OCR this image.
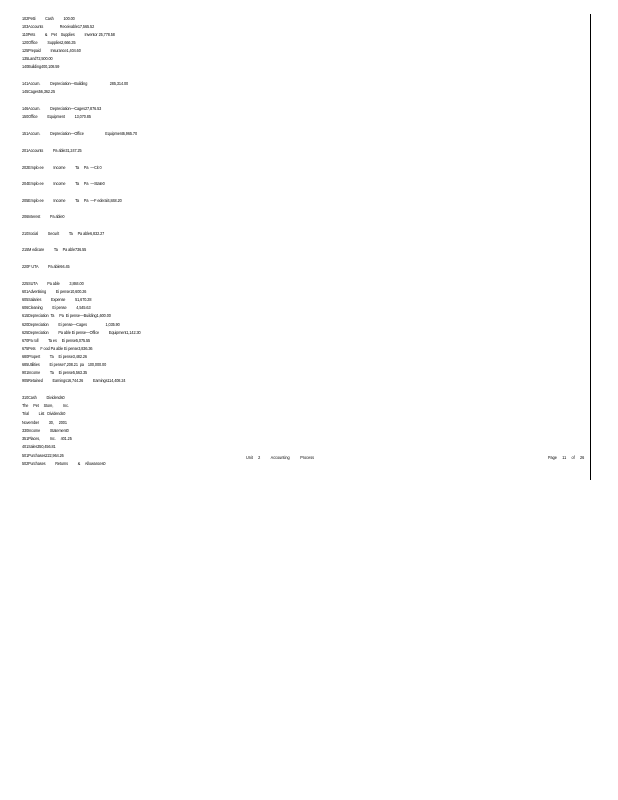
102Petti          Cash          100.00
103Accounts                 Receivable17,565.52
110Pets          &    Pet    Supplies          Inventor 25,778.58
120Office          Supplies2,666.35
125Prepaid          Insurance1,404.60
135Land72,500.00
140Building400,108.59
141Accum.          Depreciation—Building                       285,314.00
145Cages56,362.25
146Accum.          Depreciation—Cages27,876.53
150Office          Equipment          13,070.85
151Accum.          Depreciation—Office                      Equipment6,965.70
201Accounts          Pa able31,247.25
202Emplo ee          Income          Ta     Pa  —Cit 0
204Emplo ee          Income          Ta     Pa  —State0
205Emplo ee          Income          Ta     Pa  —F ederal4,848.20
206Interest          Pa able0
210Social          Securit          Ta     Pa able6,832.27
215M edicare          Ta     Pa able736.55
220F UTA          Pa able94.45
225SUTA          Pa able          3,884.00
601Advertising          Ei pense10,600.26
605Salaries          Expense          51,670.28
606Cleaning          Ei pense          4,545.63
615Depreciation  Ta     Pa  Ei pense—Building1,600.00
620Depreciation          Ei pense—Cages                   1,035.90
625Depreciation          Pa able Ei pense—Office          Equipment1,142.30
670Pa roll          Ta es     Ei pense5,075.55
675Pets     F ood Pa able Ei pense3,836.36
680Propert          Ta     Ei pense3,482.26
685Utilities          Ei pense7,208.21  pa    100,000.00
901Income          Ta     Ei pense5,563.35
905Retained          Earnings16,744.26          Earnings114,408.24
310Cash          Dividends0
The     Pet     Store,          Inc.
Trial          List   Dividends0
November          30,     2001
330Income          Statement0
351Places,          Inc.     401.25
401Sales350,456.81
501Purchases222,964.26
502Purchases          Returns          &     Allowances0
Unit     2          Accounting          Process	Page     11     of     26
